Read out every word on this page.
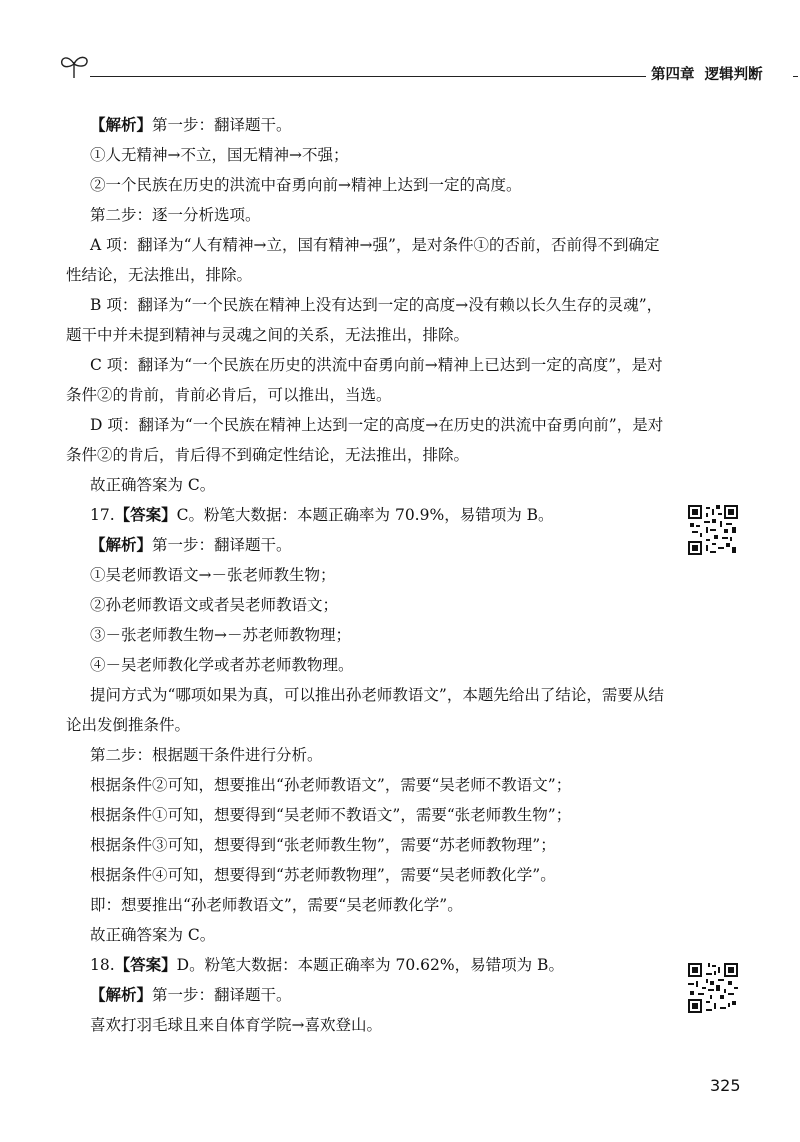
第四章 逻辑判断

【解析】第一步：翻译题干。

①人无精神→不立，国无精神→不强；

②一个民族在历史的洪流中奋勇向前→精神上达到一定的高度。

第二步：逐一分析选项。

A 项：翻译为“人有精神→立，国有精神→强”，是对条件①的否前，否前得不到确定性结论，无法推出，排除。

B 项：翻译为“一个民族在精神上没有达到一定的高度→没有赖以长久生存的灵魂”，题干中并未提到精神与灵魂之间的关系，无法推出，排除。

C 项：翻译为“一个民族在历史的洪流中奋勇向前→精神上已达到一定的高度”，是对条件②的肯前，肯前必肯后，可以推出，当选。

D 项：翻译为“一个民族在精神上达到一定的高度→在历史的洪流中奋勇向前”，是对条件②的肯后，肯后得不到确定性结论，无法推出，排除。

故正确答案为 C。

17.【答案】C。粉笔大数据：本题正确率为 70.9%，易错项为 B。

【解析】第一步：翻译题干。

①吴老师教语文→－张老师教生物；

②孙老师教语文或者吴老师教语文；

③－张老师教生物→－苏老师教物理；

④－吴老师教化学或者苏老师教物理。

提问方式为“哪项如果为真，可以推出孙老师教语文”，本题先给出了结论，需要从结论出发倒推条件。

第二步：根据题干条件进行分析。

根据条件②可知，想要推出“孙老师教语文”，需要“吴老师不教语文”；

根据条件①可知，想要得到“吴老师不教语文”，需要“张老师教生物”；

根据条件③可知，想要得到“张老师教生物”，需要“苏老师教物理”；

根据条件④可知，想要得到“苏老师教物理”，需要“吴老师教化学”。

即：想要推出“孙老师教语文”，需要“吴老师教化学”。

故正确答案为 C。

18.【答案】D。粉笔大数据：本题正确率为 70.62%，易错项为 B。

【解析】第一步：翻译题干。

喜欢打羽毛球且来自体育学院→喜欢登山。

325
